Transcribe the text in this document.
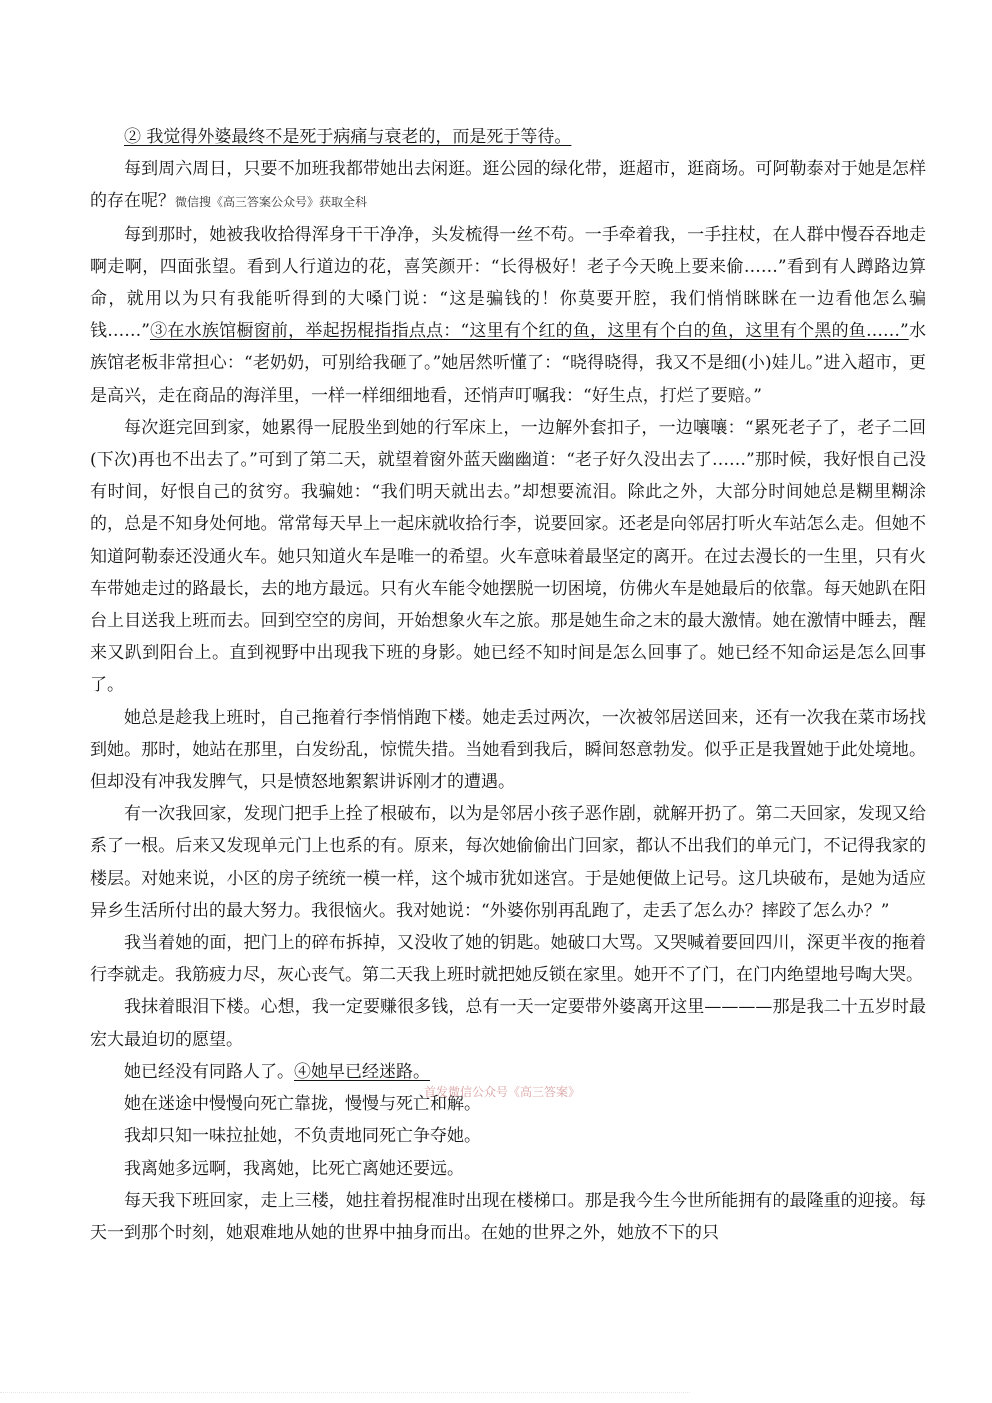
② 我觉得外婆最终不是死于病痛与衰老的，而是死于等待。

每到周六周日，只要不加班我都带她出去闲逛。逛公园的绿化带，逛超市，逛商场。可阿勒泰对于她是怎样的存在呢？微信搜《高三答案公众号》获取全科

每到那时，她被我收拾得浑身干干净净，头发梳得一丝不苟。一手牵着我，一手拄杖，在人群中慢吞吞地走啊走啊，四面张望。看到人行道边的花，喜笑颜开：“长得极好！老子今天晚上要来偷……”看到有人蹲路边算命，就用以为只有我能听得到的大嗓门说：“这是骗钱的！你莫要开腔，我们悄悄眯眯在一边看他怎么骗钱……”③在水族馆橱窗前，举起拐棍指指点点：“这里有个红的鱼，这里有个白的鱼，这里有个黑的鱼……”水族馆老板非常担心：“老奶奶，可别给我砸了。”她居然听懂了：“晓得晓得，我又不是细(小)娃儿。”进入超市，更是高兴，走在商品的海洋里，一样一样细细地看，还悄声叮嘱我：“好生点，打烂了要赔。”

每次逛完回到家，她累得一屁股坐到她的行军床上，一边解外套扣子，一边嚷嚷：“累死老子了，老子二回(下次)再也不出去了。”可到了第二天，就望着窗外蓝天幽幽道：“老子好久没出去了……”那时候，我好恨自己没有时间，好恨自己的贫穷。我骗她：“我们明天就出去。”却想要流泪。除此之外，大部分时间她总是糊里糊涂的，总是不知身处何地。常常每天早上一起床就收拾行李，说要回家。还老是向邻居打听火车站怎么走。但她不知道阿勒泰还没通火车。她只知道火车是唯一的希望。火车意味着最坚定的离开。在过去漫长的一生里，只有火车带她走过的路最长，去的地方最远。只有火车能令她摆脱一切困境，仿佛火车是她最后的依靠。每天她趴在阳台上目送我上班而去。回到空空的房间，开始想象火车之旅。那是她生命之末的最大激情。她在激情中睡去，醒来又趴到阳台上。直到视野中出现我下班的身影。她已经不知时间是怎么回事了。她已经不知命运是怎么回事了。

她总是趁我上班时，自己拖着行李悄悄跑下楼。她走丢过两次，一次被邻居送回来，还有一次我在菜市场找到她。那时，她站在那里，白发纷乱，惊慌失措。当她看到我后，瞬间怒意勃发。似乎正是我置她于此处境地。但却没有冲我发脾气，只是愤怒地絮絮讲诉刚才的遭遇。

有一次我回家，发现门把手上拴了根破布，以为是邻居小孩子恶作剧，就解开扔了。第二天回家，发现又给系了一根。后来又发现单元门上也系的有。原来，每次她偷偷出门回家，都认不出我们的单元门，不记得我家的楼层。对她来说，小区的房子统统一模一样，这个城市犹如迷宫。于是她便做上记号。这几块破布，是她为适应异乡生活所付出的最大努力。我很恼火。我对她说：“外婆你别再乱跑了，走丢了怎么办？摔跤了怎么办？”

我当着她的面，把门上的碎布拆掉，又没收了她的钥匙。她破口大骂。又哭喊着要回四川，深更半夜的拖着行李就走。我筋疲力尽，灰心丧气。第二天我上班时就把她反锁在家里。她开不了门，在门内绝望地号啕大哭。

我抹着眼泪下楼。心想，我一定要赚很多钱，总有一天一定要带外婆离开这里————那是我二十五岁时最宏大最迫切的愿望。

她已经没有同路人了。④她早已经迷路。

她在迷途中慢慢向死亡靠拢，慢慢与死亡和解。

我却只知一味拉扯她，不负责地同死亡争夺她。

我离她多远啊，我离她，比死亡离她还要远。

每天我下班回家，走上三楼，她拄着拐棍准时出现在楼梯口。那是我今生今世所能拥有的最隆重的迎接。每天一到那个时刻，她艰难地从她的世界中抽身而出。在她的世界之外，她放不下的只

首发微信公众号《高三答案》
